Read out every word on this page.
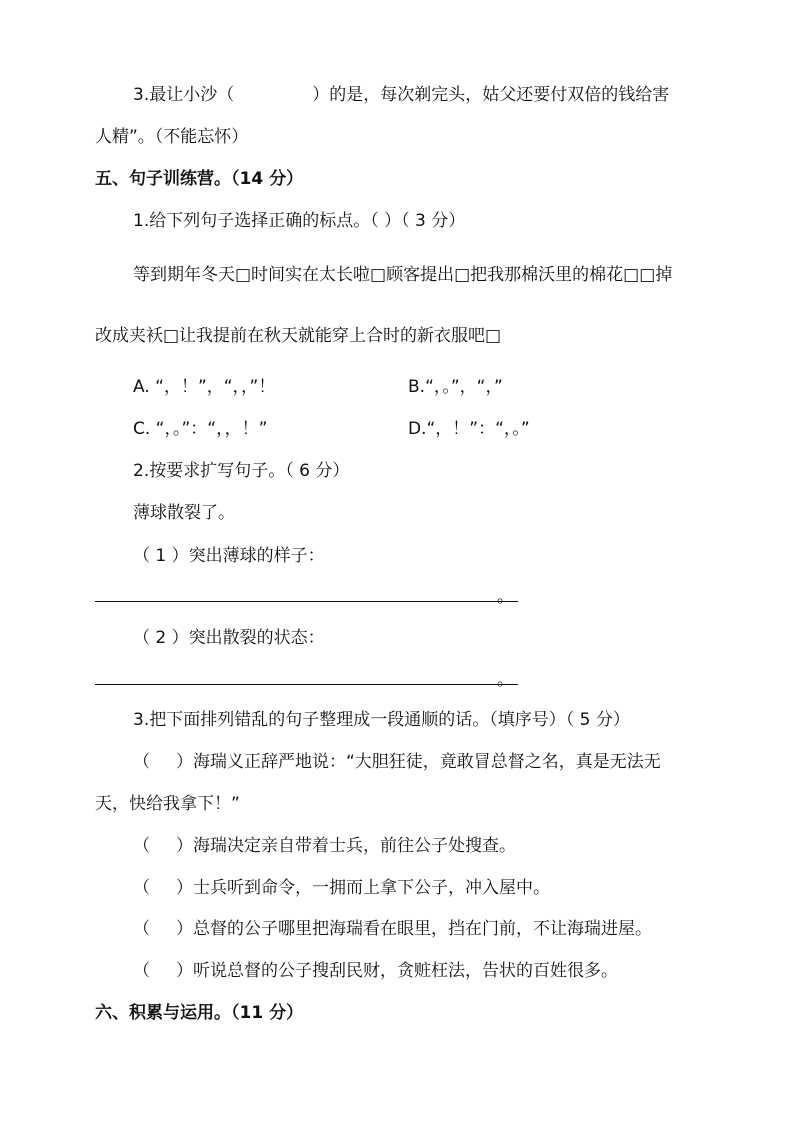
3.最让小沙（	）的是，每次剃完头，姑父还要付双倍的钱给害
人精”。（不能忘怀）
五、句子训练营。（14 分）
1.给下列句子选择正确的标点。（ ）（ 3 分）
等到期年冬天□时间实在太长啦□顾客提出□把我那棉沃里的棉花□□掉
改成夹袄□让我提前在秋天就能穿上合时的新衣服吧□
A. “，！”，“，，”！	B.“，。”，“，”
C. “，。”：“，，！”	D.“，！”：“，。”
2.按要求扩写句子。（ 6 分）
薄球散裂了。
（ 1 ）突出薄球的样子：
。
（ 2 ）突出散裂的状态：
。
3.把下面排列错乱的句子整理成一段通顺的话。（填序号）（ 5 分）
（ ）海瑞义正辞严地说：“大胆狂徒，竟敢冒总督之名，真是无法无
天，快给我拿下！”
（ ）海瑞决定亲自带着士兵，前往公子处搜查。
（ ）士兵听到命令，一拥而上拿下公子，冲入屋中。
（ ）总督的公子哪里把海瑞看在眼里，挡在门前，不让海瑞进屋。
（ ）听说总督的公子搜刮民财，贪赃枉法，告状的百姓很多。
六、积累与运用。（11 分）
